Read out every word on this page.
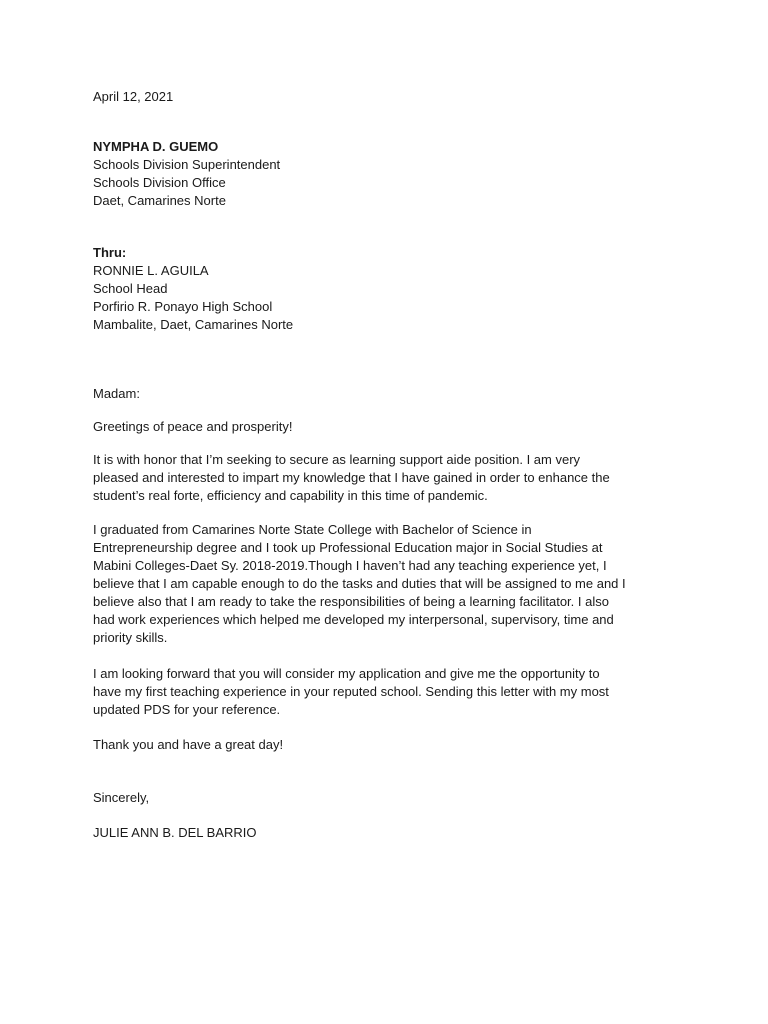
April 12, 2021
NYMPHA D. GUEMO
Schools Division Superintendent
Schools Division Office
Daet, Camarines Norte
Thru:
RONNIE L. AGUILA
School Head
Porfirio R. Ponayo High School
Mambalite, Daet, Camarines Norte
Madam:
Greetings of peace and prosperity!
It is with honor that I’m seeking to secure as learning support aide position. I am very
pleased and interested to impart my knowledge that I have gained in order to enhance the
student’s real forte, efficiency and capability in this time of pandemic.
I graduated from Camarines Norte State College with Bachelor of Science in
Entrepreneurship degree and I took up Professional Education major in Social Studies at
Mabini Colleges-Daet Sy. 2018-2019.Though I haven’t had any teaching experience yet, I
believe that I am capable enough to do the tasks and duties that will be assigned to me and I
believe also that I am ready to take the responsibilities of being a learning facilitator. I also
had work experiences which helped me developed my interpersonal, supervisory, time and
priority skills.
I am looking forward that you will consider my application and give me the opportunity to
have my first teaching experience in your reputed school. Sending this letter with my most
updated PDS for your reference.
Thank you and have a great day!
Sincerely,
JULIE ANN B. DEL BARRIO
